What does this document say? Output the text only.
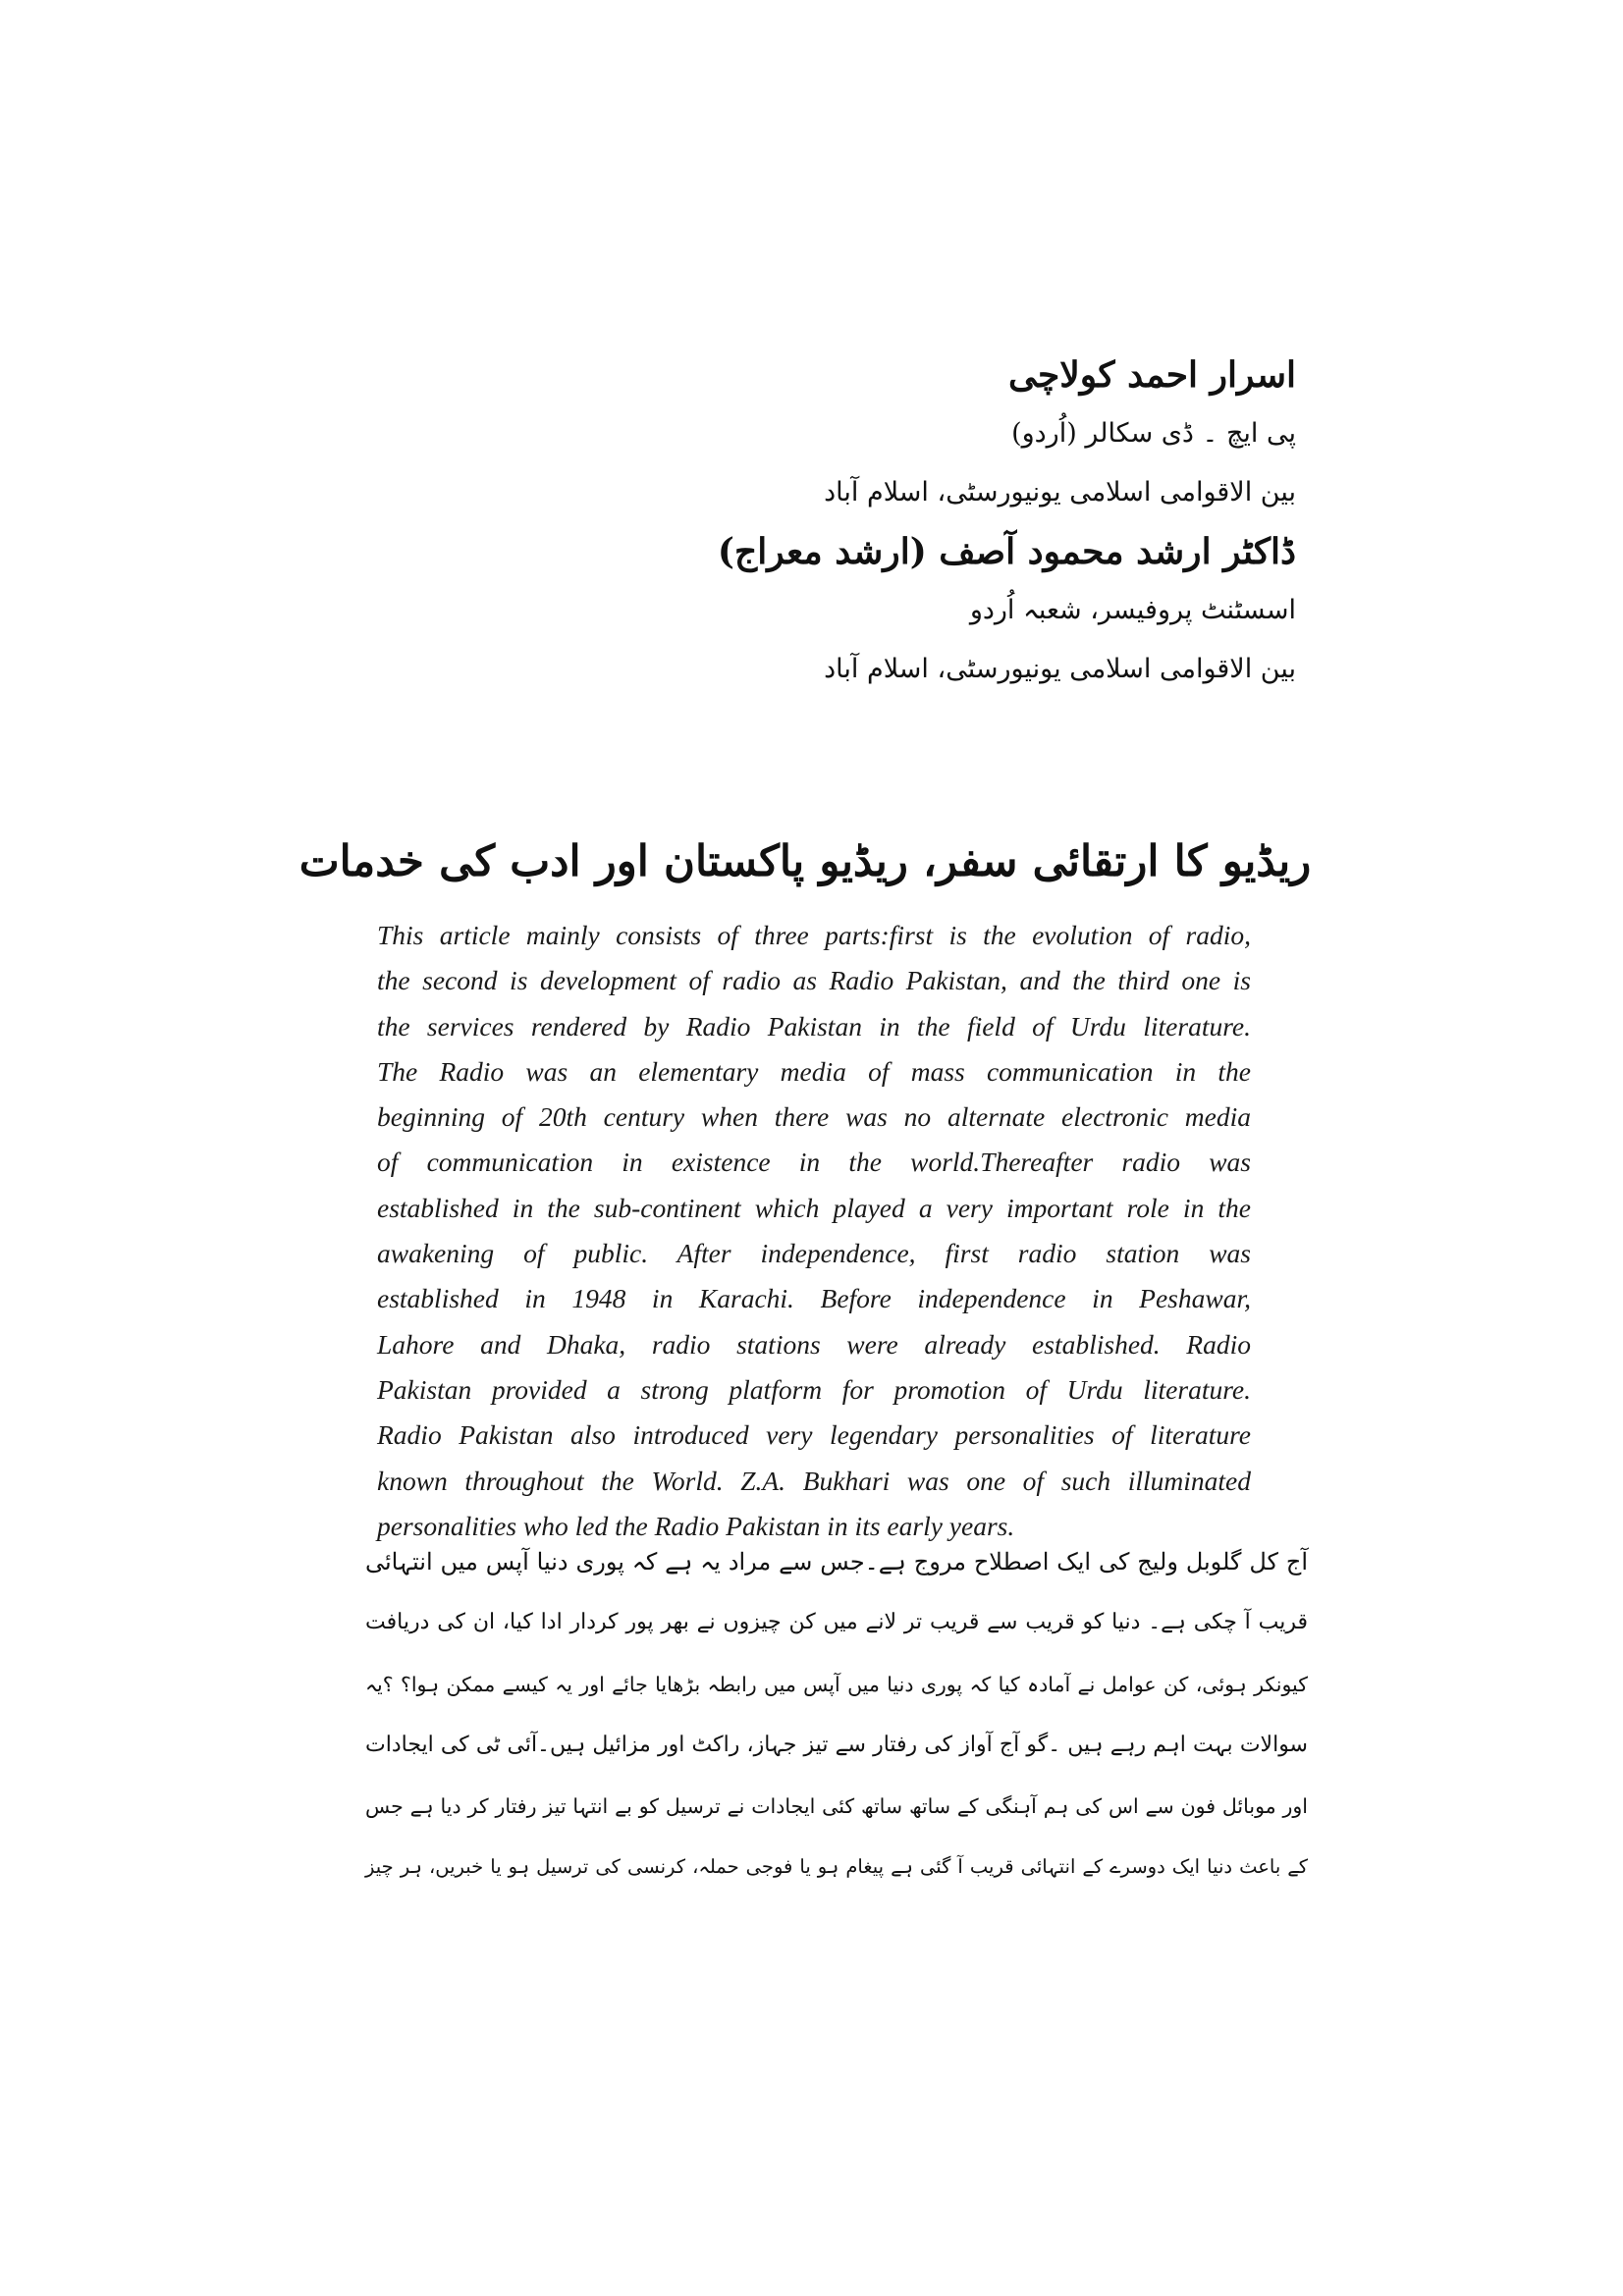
اسرار احمد کولاچی
پی ایچ ۔ ڈی سکالر (اُردو)
بین الاقوامی اسلامی یونیورسٹی، اسلام آباد
ڈاکٹر ارشد محمود آصف (ارشد معراج)
اسسٹنٹ پروفیسر، شعبہ اُردو
بین الاقوامی اسلامی یونیورسٹی، اسلام آباد
ریڈیو کا ارتقائی سفر، ریڈیو پاکستان اور ادب کی خدمات
This article mainly consists of three parts:first is the evolution of radio,
the second is development of radio as Radio Pakistan, and the third one is
the services rendered by Radio Pakistan in the field of Urdu literature.
The Radio was an elementary media of mass communication in the
beginning of 20th century when there was no alternate electronic media
of communication in existence in the world.Thereafter radio was
established in the sub-continent which played a very important role in the
awakening of public. After independence, first radio station was
established in 1948 in Karachi. Before independence in Peshawar,
Lahore and Dhaka, radio stations were already established. Radio
Pakistan provided a strong platform for promotion of Urdu literature.
Radio Pakistan also introduced very legendary personalities of literature
known throughout the World. Z.A. Bukhari was one of such illuminated
personalities who led the Radio Pakistan in its early years.
آج کل گلوبل ولیج کی ایک اصطلاح مروج ہے۔جس سے مراد یہ ہے کہ پوری دنیا آپس میں انتہائی
قریب آ چکی ہے۔ دنیا کو قریب سے قریب تر لانے میں کن چیزوں نے بھر پور کردار ادا کیا، ان کی دریافت
کیونکر ہوئی، کن عوامل نے آمادہ کیا کہ پوری دنیا میں آپس میں رابطہ بڑھایا جائے اور یہ کیسے ممکن ہوا؟ ؟یہ
سوالات بہت اہم رہے ہیں ۔گو آج آواز کی رفتار سے تیز جہاز، راکٹ اور مزائیل ہیں۔آئی ٹی کی ایجادات
اور موبائل فون سے اس کی ہم آہنگی کے ساتھ ساتھ کئی ایجادات نے ترسیل کو بے انتہا تیز رفتار کر دیا ہے جس
کے باعث دنیا ایک دوسرے کے انتہائی قریب آ گئی ہے پیغام ہو یا فوجی حملہ، کرنسی کی ترسیل ہو یا خبریں، ہر چیز
